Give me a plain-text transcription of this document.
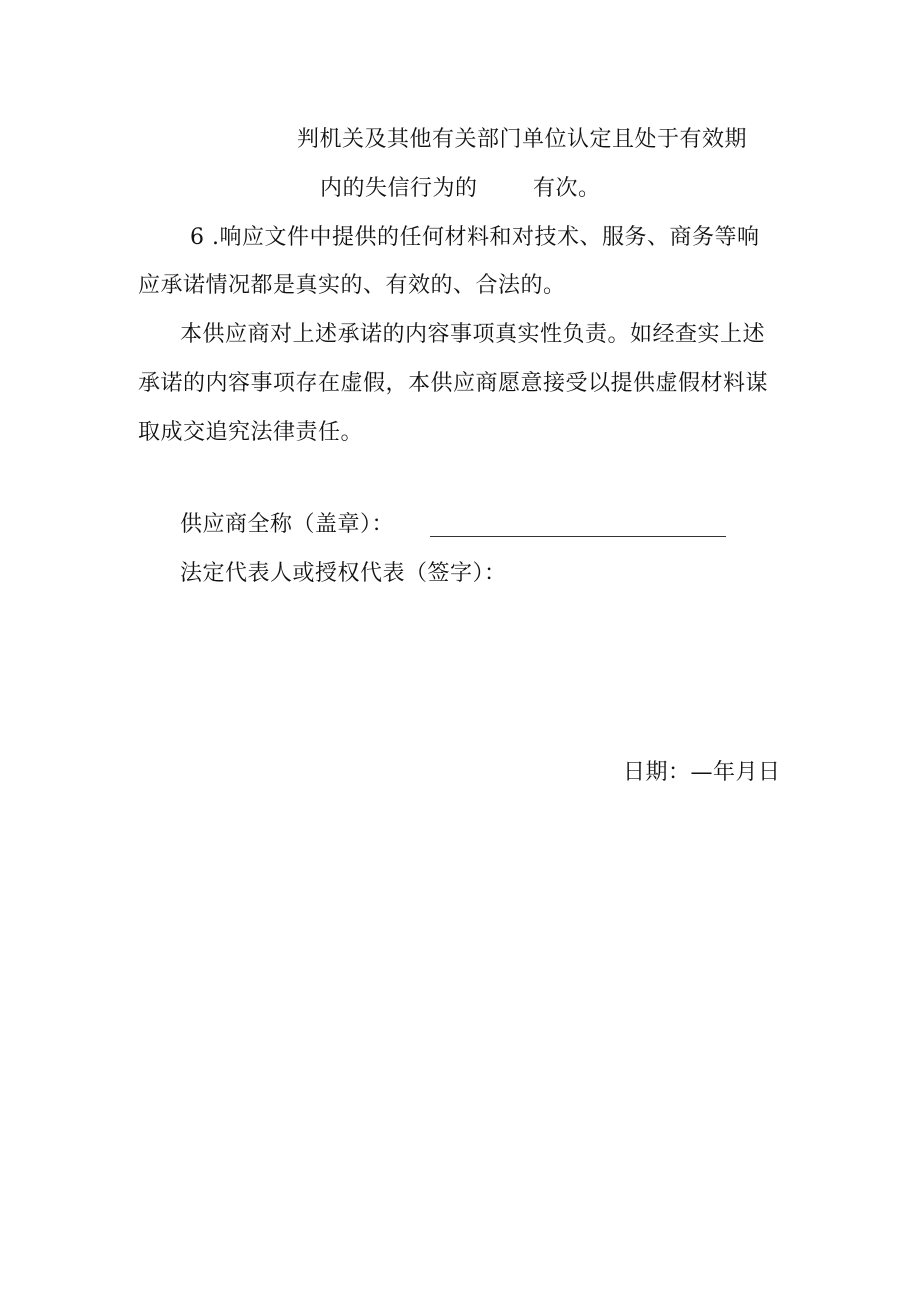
判机关及其他有关部门单位认定且处于有效期
内的失信行为的	有次。
6 .响应文件中提供的任何材料和对技术、服务、商务等响
应承诺情况都是真实的、有效的、合法的。
本供应商对上述承诺的内容事项真实性负责。如经查实上述
承诺的内容事项存在虚假，本供应商愿意接受以提供虚假材料谋
取成交追究法律责任。
供应商全称（盖章）：
法定代表人或授权代表（签字）：
日期：—年月日
